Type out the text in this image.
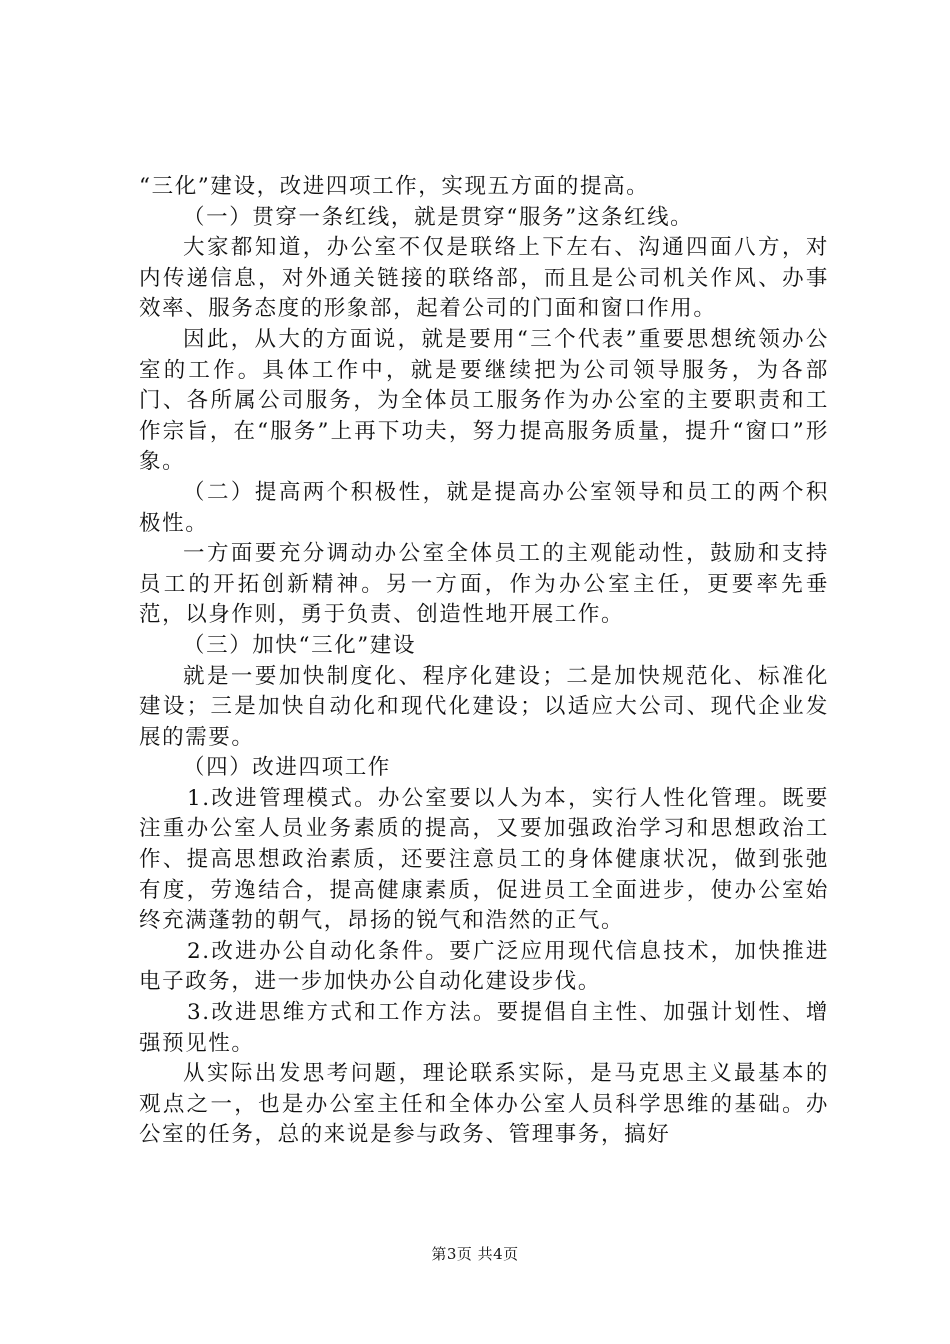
“三化”建设，改进四项工作，实现五方面的提高。

（一）贯穿一条红线，就是贯穿“服务”这条红线。

大家都知道，办公室不仅是联络上下左右、沟通四面八方，对内传递信息，对外通关链接的联络部，而且是公司机关作风、办事效率、服务态度的形象部，起着公司的门面和窗口作用。

因此，从大的方面说，就是要用“三个代表”重要思想统领办公室的工作。具体工作中，就是要继续把为公司领导服务，为各部门、各所属公司服务，为全体员工服务作为办公室的主要职责和工作宗旨，在“服务”上再下功夫，努力提高服务质量，提升“窗口”形象。

（二）提高两个积极性，就是提高办公室领导和员工的两个积极性。

一方面要充分调动办公室全体员工的主观能动性，鼓励和支持员工的开拓创新精神。另一方面，作为办公室主任，更要率先垂范，以身作则，勇于负责、创造性地开展工作。

（三）加快“三化”建设

就是一要加快制度化、程序化建设；二是加快规范化、标准化建设；三是加快自动化和现代化建设；以适应大公司、现代企业发展的需要。

（四）改进四项工作

1.改进管理模式。办公室要以人为本，实行人性化管理。既要注重办公室人员业务素质的提高，又要加强政治学习和思想政治工作、提高思想政治素质，还要注意员工的身体健康状况，做到张弛有度，劳逸结合，提高健康素质，促进员工全面进步，使办公室始终充满蓬勃的朝气，昂扬的锐气和浩然的正气。

2.改进办公自动化条件。要广泛应用现代信息技术，加快推进电子政务，进一步加快办公自动化建设步伐。

3.改进思维方式和工作方法。要提倡自主性、加强计划性、增强预见性。

从实际出发思考问题，理论联系实际，是马克思主义最基本的观点之一，也是办公室主任和全体办公室人员科学思维的基础。办公室的任务，总的来说是参与政务、管理事务，搞好

第3页 共4页
